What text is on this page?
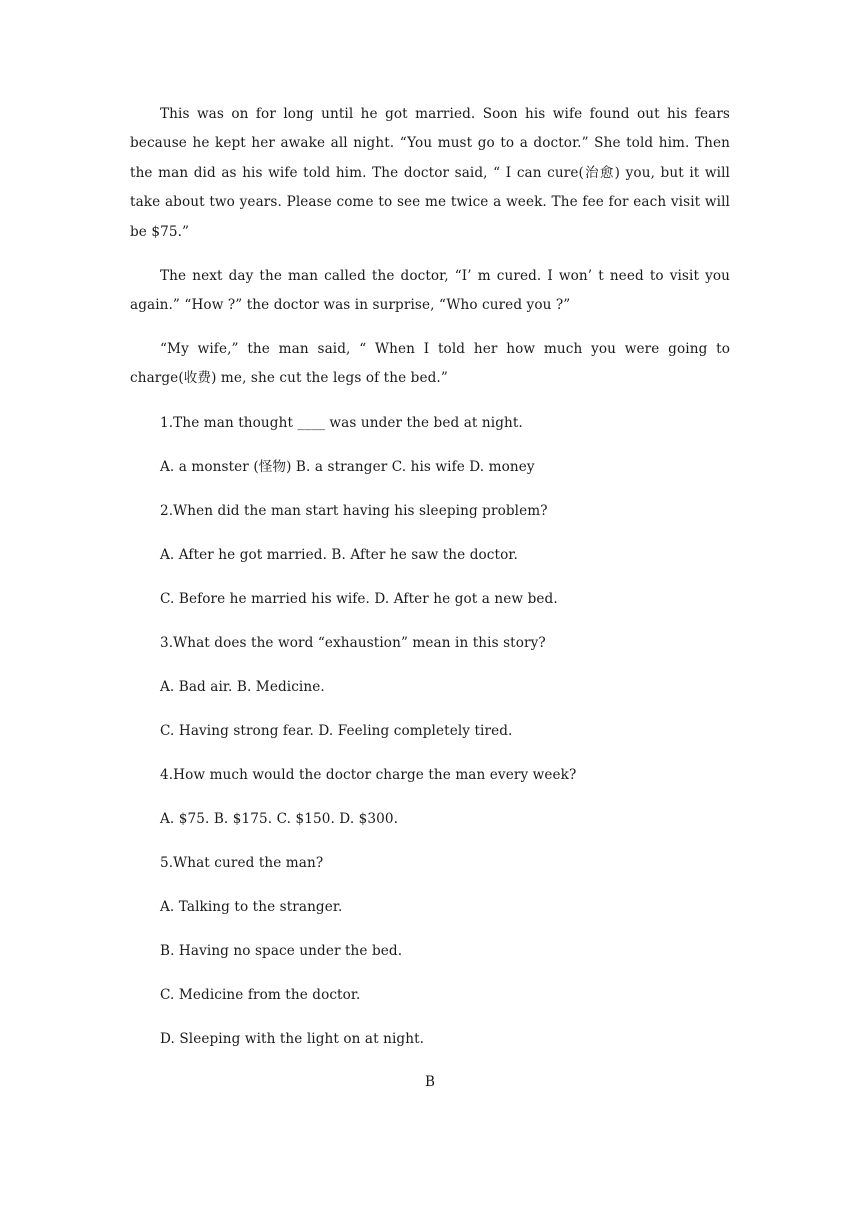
This was on for long until he got married. Soon his wife found out his fears because he kept her awake all night. “You must go to a doctor.” She told him. Then the man did as his wife told him. The doctor said, “ I can cure(治愈) you, but it will take about two years. Please come to see me twice a week. The fee for each visit will be $75.”

The next day the man called the doctor, “I’ m cured. I won’ t need to visit you again.” “How ?” the doctor was in surprise, “Who cured you ?”

“My wife,” the man said, “ When I told her how much you were going to charge(收费) me, she cut the legs of the bed.”

1.The man thought ____ was under the bed at night.

A. a monster (怪物) B. a stranger C. his wife D. money

2.When did the man start having his sleeping problem?

A. After he got married. B. After he saw the doctor.

C. Before he married his wife. D. After he got a new bed.

3.What does the word “exhaustion” mean in this story?

A. Bad air. B. Medicine.

C. Having strong fear. D. Feeling completely tired.

4.How much would the doctor charge the man every week?

A. $75. B. $175. C. $150. D. $300.

5.What cured the man?

A. Talking to the stranger.

B. Having no space under the bed.

C. Medicine from the doctor.

D. Sleeping with the light on at night.

B
